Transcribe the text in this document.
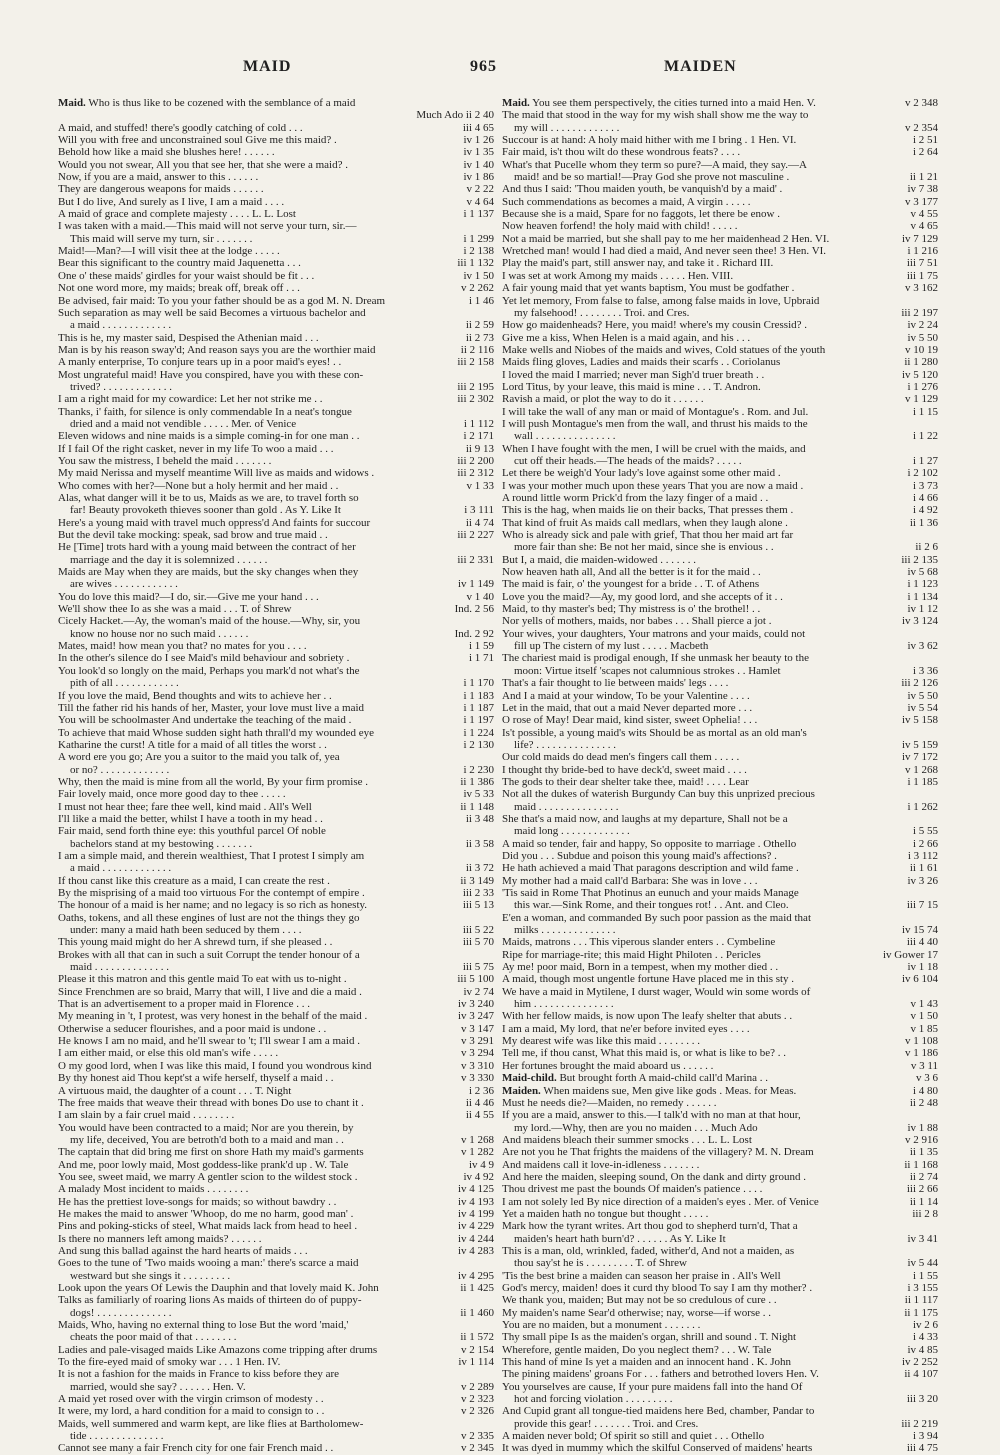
MAID	965	MAIDEN
Maid. Who is thus like to be cozened with the semblance of a maid
Much Ado ii 2 40
A maid, and stuffed! there's goodly catching of cold . . .	iii 4 65
Will you with free and unconstrained soul Give me this maid? .	iv 1 26
Behold how like a maid she blushes here! . . . . . .	iv 1 35
Would you not swear, All you that see her, that she were a maid? .	iv 1 40
Now, if you are a maid, answer to this . . . . . .	iv 1 86
They are dangerous weapons for maids . . . . . .	v 2 22
But I do live, And surely as I live, I am a maid . . . .	v 4 64
A maid of grace and complete majesty . . . . L. L. Lost	i 1 137
I was taken with a maid.—This maid will not serve your turn, sir.—
This maid will serve my turn, sir . . . . . . .	i 1 299
Maid!—Man?—I will visit thee at the lodge . . . . .	i 2 138
Bear this significant to the country maid Jaquenetta . . .	iii 1 132
One o' these maids' girdles for your waist should be fit . . .	iv 1 50
Not one word more, my maids; break off, break off . . .	v 2 262
Be advised, fair maid: To you your father should be as a god M. N. Dream	i 1 46
Such separation as may well be said Becomes a virtuous bachelor and
a maid . . . . . . . . . . . . .	ii 2 59
This is he, my master said, Despised the Athenian maid . . .	ii 2 73
Man is by his reason sway'd; And reason says you are the worthier maid	ii 2 116
A manly enterprise, To conjure tears up in a poor maid's eyes! . .	iii 2 158
Most ungrateful maid! Have you conspired, have you with these con-
trived? . . . . . . . . . . . . .	iii 2 195
I am a right maid for my cowardice: Let her not strike me . .	iii 2 302
Thanks, i' faith, for silence is only commendable In a neat's tongue
dried and a maid not vendible . . . . . Mer. of Venice	i 1 112
Eleven widows and nine maids is a simple coming-in for one man . .	i 2 171
If I fail Of the right casket, never in my life To woo a maid . . .	ii 9 13
You saw the mistress, I beheld the maid . . . . . . .	iii 2 200
My maid Nerissa and myself meantime Will live as maids and widows .	iii 2 312
Who comes with her?—None but a holy hermit and her maid . .	v 1 33
Alas, what danger will it be to us, Maids as we are, to travel forth so
far! Beauty provoketh thieves sooner than gold . As Y. Like It	i 3 111
Here's a young maid with travel much oppress'd And faints for succour	ii 4 74
But the devil take mocking: speak, sad brow and true maid . .	iii 2 227
He [Time] trots hard with a young maid between the contract of her
marriage and the day it is solemnized . . . . . .	iii 2 331
Maids are May when they are maids, but the sky changes when they
are wives . . . . . . . . . . . .	iv 1 149
You do love this maid?—I do, sir.—Give me your hand . . .	v 1 40
We'll show thee Io as she was a maid . . . T. of Shrew	Ind. 2 56
Cicely Hacket.—Ay, the woman's maid of the house.—Why, sir, you
know no house nor no such maid . . . . . .	Ind. 2 92
Mates, maid! how mean you that? no mates for you . . . .	i 1 59
In the other's silence do I see Maid's mild behaviour and sobriety .	i 1 71
You look'd so longly on the maid, Perhaps you mark'd not what's the
pith of all . . . . . . . . . . . .	i 1 170
If you love the maid, Bend thoughts and wits to achieve her . .	i 1 183
Till the father rid his hands of her, Master, your love must live a maid	i 1 187
You will be schoolmaster And undertake the teaching of the maid .	i 1 197
To achieve that maid Whose sudden sight hath thrall'd my wounded eye	i 1 224
Katharine the curst! A title for a maid of all titles the worst . .	i 2 130
A word ere you go; Are you a suitor to the maid you talk of, yea
or no? . . . . . . . . . . . . .	i 2 230
Why, then the maid is mine from all the world, By your firm promise .	ii 1 386
Fair lovely maid, once more good day to thee . . . . .	iv 5 33
I must not hear thee; fare thee well, kind maid . All's Well	ii 1 148
I'll like a maid the better, whilst I have a tooth in my head . .	ii 3 48
Fair maid, send forth thine eye: this youthful parcel Of noble
bachelors stand at my bestowing . . . . . . .	ii 3 58
I am a simple maid, and therein wealthiest, That I protest I simply am
a maid . . . . . . . . . . . . .	ii 3 72
If thou canst like this creature as a maid, I can create the rest .	ii 3 149
By the misprising of a maid too virtuous For the contempt of empire .	iii 2 33
The honour of a maid is her name; and no legacy is so rich as honesty.	iii 5 13
Oaths, tokens, and all these engines of lust are not the things they go
under: many a maid hath been seduced by them . . . .	iii 5 22
This young maid might do her A shrewd turn, if she pleased . .	iii 5 70
Brokes with all that can in such a suit Corrupt the tender honour of a
maid . . . . . . . . . . . . . .	iii 5 75
Please it this matron and this gentle maid To eat with us to-night .	iii 5 100
Since Frenchmen are so braid, Marry that will, I live and die a maid .	iv 2 74
That is an advertisement to a proper maid in Florence . . .	iv 3 240
My meaning in 't, I protest, was very honest in the behalf of the maid .	iv 3 247
Otherwise a seducer flourishes, and a poor maid is undone . .	v 3 147
He knows I am no maid, and he'll swear to 't; I'll swear I am a maid .	v 3 291
I am either maid, or else this old man's wife . . . . .	v 3 294
O my good lord, when I was like this maid, I found you wondrous kind	v 3 310
By thy honest aid Thou kept'st a wife herself, thyself a maid . .	v 3 330
A virtuous maid, the daughter of a count . . . T. Night	i 2 36
The free maids that weave their thread with bones Do use to chant it .	ii 4 46
I am slain by a fair cruel maid . . . . . . . .	ii 4 55
You would have been contracted to a maid; Nor are you therein, by
my life, deceived, You are betroth'd both to a maid and man . .	v 1 268
The captain that did bring me first on shore Hath my maid's garments	v 1 282
And me, poor lowly maid, Most goddess-like prank'd up . W. Tale	iv 4 9
You see, sweet maid, we marry A gentler scion to the wildest stock .	iv 4 92
A malady Most incident to maids . . . . . . . .	iv 4 125
He has the prettiest love-songs for maids; so without bawdry . .	iv 4 193
He makes the maid to answer 'Whoop, do me no harm, good man' .	iv 4 199
Pins and poking-sticks of steel, What maids lack from head to heel .	iv 4 229
Is there no manners left among maids? . . . . . .	iv 4 244
And sung this ballad against the hard hearts of maids . . .	iv 4 283
Goes to the tune of 'Two maids wooing a man:' there's scarce a maid
westward but she sings it . . . . . . . . .	iv 4 295
Look upon the years Of Lewis the Dauphin and that lovely maid K. John	ii 1 425
Talks as familiarly of roaring lions As maids of thirteen do of puppy-
dogs! . . . . . . . . . . . . . .	ii 1 460
Maids, Who, having no external thing to lose But the word 'maid,'
cheats the poor maid of that . . . . . . . .	ii 1 572
Ladies and pale-visaged maids Like Amazons come tripping after drums	v 2 154
To the fire-eyed maid of smoky war . . . 1 Hen. IV.	iv 1 114
It is not a fashion for the maids in France to kiss before they are
married, would she say? . . . . . . Hen. V.	v 2 289
A maid yet rosed over with the virgin crimson of modesty . .	v 2 323
It were, my lord, a hard condition for a maid to consign to . .	v 2 326
Maids, well summered and warm kept, are like flies at Bartholomew-
tide . . . . . . . . . . . . . .	v 2 335
Cannot see many a fair French city for one fair French maid . .	v 2 345
Maid. You see them perspectively, the cities turned into a maid Hen. V.	v 2 348
The maid that stood in the way for my wish shall show me the way to
my will . . . . . . . . . . . . .	v 2 354
Succour is at hand: A holy maid hither with me I bring . 1 Hen. VI.	i 2 51
Fair maid, is't thou wilt do these wondrous feats? . . . .	i 2 64
What's that Pucelle whom they term so pure?—A maid, they say.—A
maid! and be so martial!—Pray God she prove not masculine .	ii 1 21
And thus I said: 'Thou maiden youth, be vanquish'd by a maid' .	iv 7 38
Such commendations as becomes a maid, A virgin . . . . .	v 3 177
Because she is a maid, Spare for no faggots, let there be enow .	v 4 55
Now heaven forfend! the holy maid with child! . . . . .	v 4 65
Not a maid be married, but she shall pay to me her maidenhead 2 Hen. VI.	iv 7 129
Wretched man! would I had died a maid, And never seen thee! 3 Hen. VI.	i 1 216
Play the maid's part, still answer nay, and take it . Richard III.	iii 7 51
I was set at work Among my maids . . . . . Hen. VIII.	iii 1 75
A fair young maid that yet wants baptism, You must be godfather .	v 3 162
Yet let memory, From false to false, among false maids in love, Upbraid
my falsehood! . . . . . . . . Troi. and Cres.	iii 2 197
How go maidenheads? Here, you maid! where's my cousin Cressid? .	iv 2 24
Give me a kiss, When Helen is a maid again, and his . . .	iv 5 50
Make wells and Niobes of the maids and wives, Cold statues of the youth	v 10 19
Maids fling gloves, Ladies and maids their scarfs . . Coriolanus	ii 1 280
I loved the maid I married; never man Sigh'd truer breath . .	iv 5 120
Lord Titus, by your leave, this maid is mine . . . T. Andron.	i 1 276
Ravish a maid, or plot the way to do it . . . . . .	v 1 129
I will take the wall of any man or maid of Montague's . Rom. and Jul.	i 1 15
I will push Montague's men from the wall, and thrust his maids to the
wall . . . . . . . . . . . . . . .	i 1 22
When I have fought with the men, I will be cruel with the maids, and
cut off their heads.—The heads of the maids? . . . . .	i 1 27
Let there be weigh'd Your lady's love against some other maid .	i 2 102
I was your mother much upon these years That you are now a maid .	i 3 73
A round little worm Prick'd from the lazy finger of a maid . .	i 4 66
This is the hag, when maids lie on their backs, That presses them .	i 4 92
That kind of fruit As maids call medlars, when they laugh alone .	ii 1 36
Who is already sick and pale with grief, That thou her maid art far
more fair than she: Be not her maid, since she is envious . .	ii 2 6
But I, a maid, die maiden-widowed . . . . . . .	iii 2 135
Now heaven hath all, And all the better is it for the maid . .	iv 5 68
The maid is fair, o' the youngest for a bride . . T. of Athens	i 1 123
Love you the maid?—Ay, my good lord, and she accepts of it . .	i 1 134
Maid, to thy master's bed; Thy mistress is o' the brothel! . .	iv 1 12
Nor yells of mothers, maids, nor babes . . . Shall pierce a jot .	iv 3 124
Your wives, your daughters, Your matrons and your maids, could not
fill up The cistern of my lust . . . . . Macbeth	iv 3 62
The chariest maid is prodigal enough, If she unmask her beauty to the
moon: Virtue itself 'scapes not calumnious strokes . . Hamlet	i 3 36
That's a fair thought to lie between maids' legs . . . .	iii 2 126
And I a maid at your window, To be your Valentine . . . .	iv 5 50
Let in the maid, that out a maid Never departed more . . .	iv 5 54
O rose of May! Dear maid, kind sister, sweet Ophelia! . . .	iv 5 158
Is't possible, a young maid's wits Should be as mortal as an old man's
life? . . . . . . . . . . . . . . .	iv 5 159
Our cold maids do dead men's fingers call them . . . . .	iv 7 172
I thought thy bride-bed to have deck'd, sweet maid . . . .	v 1 268
The gods to their dear shelter take thee, maid! . . . . Lear	i 1 185
Not all the dukes of waterish Burgundy Can buy this unprized precious
maid . . . . . . . . . . . . . . .	i 1 262
She that's a maid now, and laughs at my departure, Shall not be a
maid long . . . . . . . . . . . . .	i 5 55
A maid so tender, fair and happy, So opposite to marriage . Othello	i 2 66
Did you . . . Subdue and poison this young maid's affections? .	i 3 112
He hath achieved a maid That paragons description and wild fame .	ii 1 61
My mother had a maid call'd Barbara: She was in love . . .	iv 3 26
'Tis said in Rome That Photinus an eunuch and your maids Manage
this war.—Sink Rome, and their tongues rot! . . Ant. and Cleo.	iii 7 15
E'en a woman, and commanded By such poor passion as the maid that
milks . . . . . . . . . . . . . .	iv 15 74
Maids, matrons . . . This viperous slander enters . . Cymbeline	iii 4 40
Ripe for marriage-rite; this maid Hight Philoten . . Pericles	iv Gower 17
Ay me! poor maid, Born in a tempest, when my mother died . .	iv 1 18
A maid, though most ungentle fortune Have placed me in this sty .	iv 6 104
We have a maid in Mytilene, I durst wager, Would win some words of
him . . . . . . . . . . . . . . .	v 1 43
With her fellow maids, is now upon The leafy shelter that abuts . .	v 1 50
I am a maid, My lord, that ne'er before invited eyes . . . .	v 1 85
My dearest wife was like this maid . . . . . . . .	v 1 108
Tell me, if thou canst, What this maid is, or what is like to be? . .	v 1 186
Her fortunes brought the maid aboard us . . . . . .	v 3 11
Maid-child. But brought forth A maid-child call'd Marina . .	v 3 6
Maiden. When maidens sue, Men give like gods . Meas. for Meas.	i 4 80
Must he needs die?—Maiden, no remedy . . . . . .	ii 2 48
If you are a maid, answer to this.—I talk'd with no man at that hour,
my lord.—Why, then are you no maiden . . . Much Ado	iv 1 88
And maidens bleach their summer smocks . . . L. L. Lost	v 2 916
Are not you he That frights the maidens of the villagery? M. N. Dream	ii 1 35
And maidens call it love-in-idleness . . . . . . .	ii 1 168
And here the maiden, sleeping sound, On the dank and dirty ground .	ii 2 74
Thou drivest me past the bounds Of maiden's patience . . . .	iii 2 66
I am not solely led By nice direction of a maiden's eyes . Mer. of Venice	ii 1 14
Yet a maiden hath no tongue but thought . . . . .	iii 2 8
Mark how the tyrant writes. Art thou god to shepherd turn'd, That a
maiden's heart hath burn'd? . . . . . . As Y. Like It	iv 3 41
This is a man, old, wrinkled, faded, wither'd, And not a maiden, as
thou say'st he is . . . . . . . . . T. of Shrew	iv 5 44
'Tis the best brine a maiden can season her praise in . All's Well	i 1 55
God's mercy, maiden! does it curd thy blood To say I am thy mother? .	i 3 155
We thank you, maiden; But may not be so credulous of cure . .	ii 1 117
My maiden's name Sear'd otherwise; nay, worse—if worse . .	ii 1 175
You are no maiden, but a monument . . . . . . .	iv 2 6
Thy small pipe Is as the maiden's organ, shrill and sound . T. Night	i 4 33
Wherefore, gentle maiden, Do you neglect them? . . . W. Tale	iv 4 85
This hand of mine Is yet a maiden and an innocent hand . K. John	iv 2 252
The pining maidens' groans For . . . fathers and betrothed lovers Hen. V.	ii 4 107
You yourselves are cause, If your pure maidens fall into the hand Of
hot and forcing violation . . . . . . . . .	iii 3 20
And Cupid grant all tongue-tied maidens here Bed, chamber, Pandar to
provide this gear! . . . . . . . Troi. and Cres.	iii 2 219
A maiden never bold; Of spirit so still and quiet . . . Othello	i 3 94
It was dyed in mummy which the skilful Conserved of maidens' hearts	iii 4 75
